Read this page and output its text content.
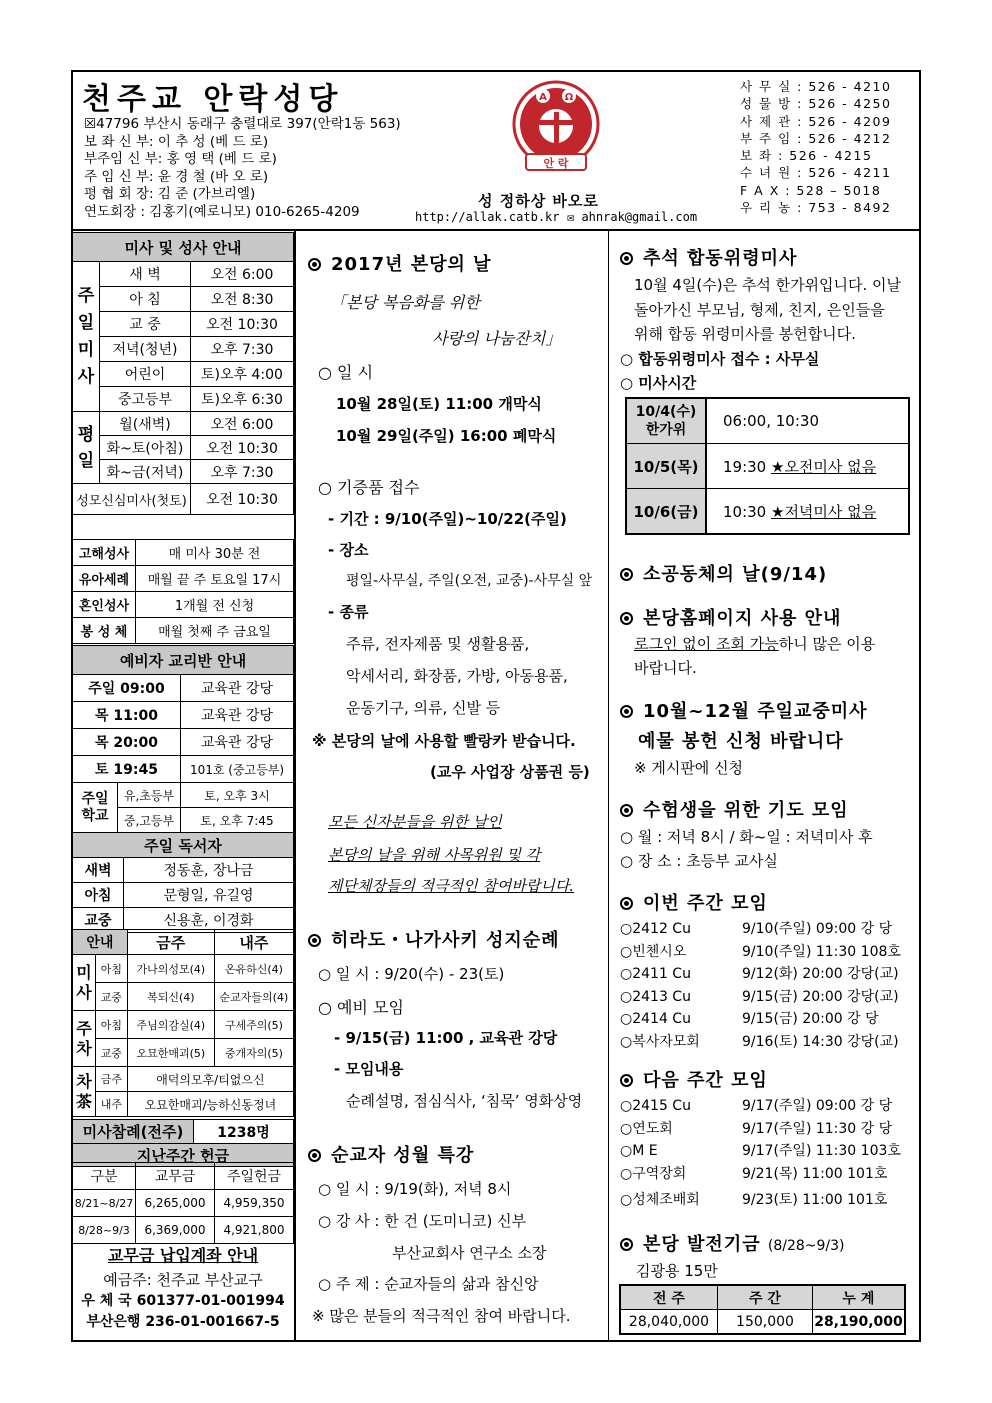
천주교 안락성당
☒47796 부산시 동래구 충렬대로 397(안락1동 563)
보 좌 신 부: 이 추 성 (베 드 로)
부주임 신 부: 홍 영 택 (베 드 로)
주 임 신 부: 윤 경 철 (바 오 로)
평 협 회 장: 김 준 (가브리엘)
연도회장 : 김홍기(예로니모) 010-6265-4209
A Ω
안 락
성 정하상 바오로
http://allak.catb.kr ✉ ahnrak@gmail.com
사 무 실 : 526 - 4210
성 물 방 : 526 - 4250
사 제 관 : 526 - 4209
부 주 임 : 526 - 4212
보 좌 : 526 - 4215
수 녀 원 : 526 - 4211
F A X : 528 – 5018
우 리 농 : 753 - 8492
미사 및 성사 안내		
주
일
미
사	새 벽	오전 6:00
	아 침	오전 8:30
	교 중	오전 10:30
	저녁(청년)	오후 7:30
	어린이	토)오후 4:00
	중고등부	토)오후 6:30
평
일	월(새벽)	오전 6:00
	화~토(아침)	오전 10:30
	화~금(저녁)	오후 7:30
성모신심미사(첫토)		오전 10:30
고해성사	매 미사 30분 전
유아세례	매월 끝 주 토요일 17시
혼인성사	1개월 전 신청
봉 성 체	매월 첫째 주 금요일
예비자 교리반 안내		
주일 09:00		교육관 강당
목 11:00		교육관 강당
목 20:00		교육관 강당
토 19:45		101호 (중고등부)
주일 학교	유,초등부	토, 오후 3시
	중,고등부	토, 오후 7:45
주일 독서자	
새벽	정동훈, 장나금
아침	문형일, 유길영
교중	신용훈, 이경화
안내		금주	내주
미사	아침	가나의성모(4)	온유하신(4)
	교중	복되신(4)	순교자들의(4)
주차	아침	주님의감실(4)	구세주의(5)
	교중	오묘한매괴(5)	중개자의(5)
차茶	금주	애덕의모후/티없으신	
	내주	오묘한매괴/능하신동정녀	
미사참례(전주)	1238명
지난주간 헌금
구분	교무금	주일헌금
8/21~8/27	6,265,000	4,959,350
8/28~9/3	6,369,000	4,921,800
교무금 납입계좌 안내
예금주: 천주교 부산교구
우 체 국 601377-01-001994
부산은행 236-01-001667-5
2017년 본당의 날
「본당 복음화를 위한
사랑의 나눔잔치」
○ 일 시
10월 28일(토) 11:00 개막식
10월 29일(주일) 16:00 폐막식
○ 기증품 접수
- 기간 : 9/10(주일)~10/22(주일)
- 장소
평일-사무실, 주일(오전, 교중)-사무실 앞
- 종류
주류, 전자제품 및 생활용품,
악세서리, 화장품, 가방, 아동용품,
운동기구, 의류, 신발 등
※ 본당의 날에 사용할 빨랑카 받습니다.
(교우 사업장 상품권 등)
모든 신자분들을 위한 날인
본당의 날을 위해 사목위원 및 각
제단체장들의 적극적인 참여바랍니다.
히라도・나가사키 성지순례
○ 일 시 : 9/20(수) - 23(토)
○ 예비 모임
- 9/15(금) 11:00 , 교육관 강당
- 모임내용
순례설명, 점심식사, ‘침묵’ 영화상영
순교자 성월 특강
○ 일 시 : 9/19(화), 저녁 8시
○ 강 사 : 한 건 (도미니코) 신부
부산교회사 연구소 소장
○ 주 제 : 순교자들의 삶과 참신앙
※ 많은 분들의 적극적인 참여 바랍니다.
추석 합동위령미사
10월 4일(수)은 추석 한가위입니다. 이날
돌아가신 부모님, 형제, 친지, 은인들을
위해 합동 위령미사를 봉헌합니다.
○ 합동위령미사 접수 : 사무실
○ 미사시간
10/4(수)
한가위	06:00, 10:30
10/5(목)	19:30 ★오전미사 없음
10/6(금)	10:30 ★저녁미사 없음
소공동체의 날(9/14)
본당홈페이지 사용 안내
로그인 없이 조회 가능하니 많은 이용
바랍니다.
10월~12월 주일교중미사
예물 봉헌 신청 바랍니다
※ 게시판에 신청
수험생을 위한 기도 모임
○ 월 : 저녁 8시 / 화~일 : 저녁미사 후
○ 장 소 : 초등부 교사실
이번 주간 모임
○2412 Cu	9/10(주일) 09:00 강 당
○빈첸시오	9/10(주일) 11:30 108호
○2411 Cu	9/12(화) 20:00 강당(교)
○2413 Cu	9/15(금) 20:00 강당(교)
○2414 Cu	9/15(금) 20:00 강 당
○복사자모회	9/16(토) 14:30 강당(교)
다음 주간 모임
○2415 Cu	9/17(주일) 09:00 강 당
○연도회	9/17(주일) 11:30 강 당
○M E	9/17(주일) 11:30 103호
○구역장회	9/21(목) 11:00 101호
○성체조배회	9/23(토) 11:00 101호
본당 발전기금 (8/28~9/3)
김광용 15만
전 주	주 간	누 계
28,040,000	150,000	28,190,000
